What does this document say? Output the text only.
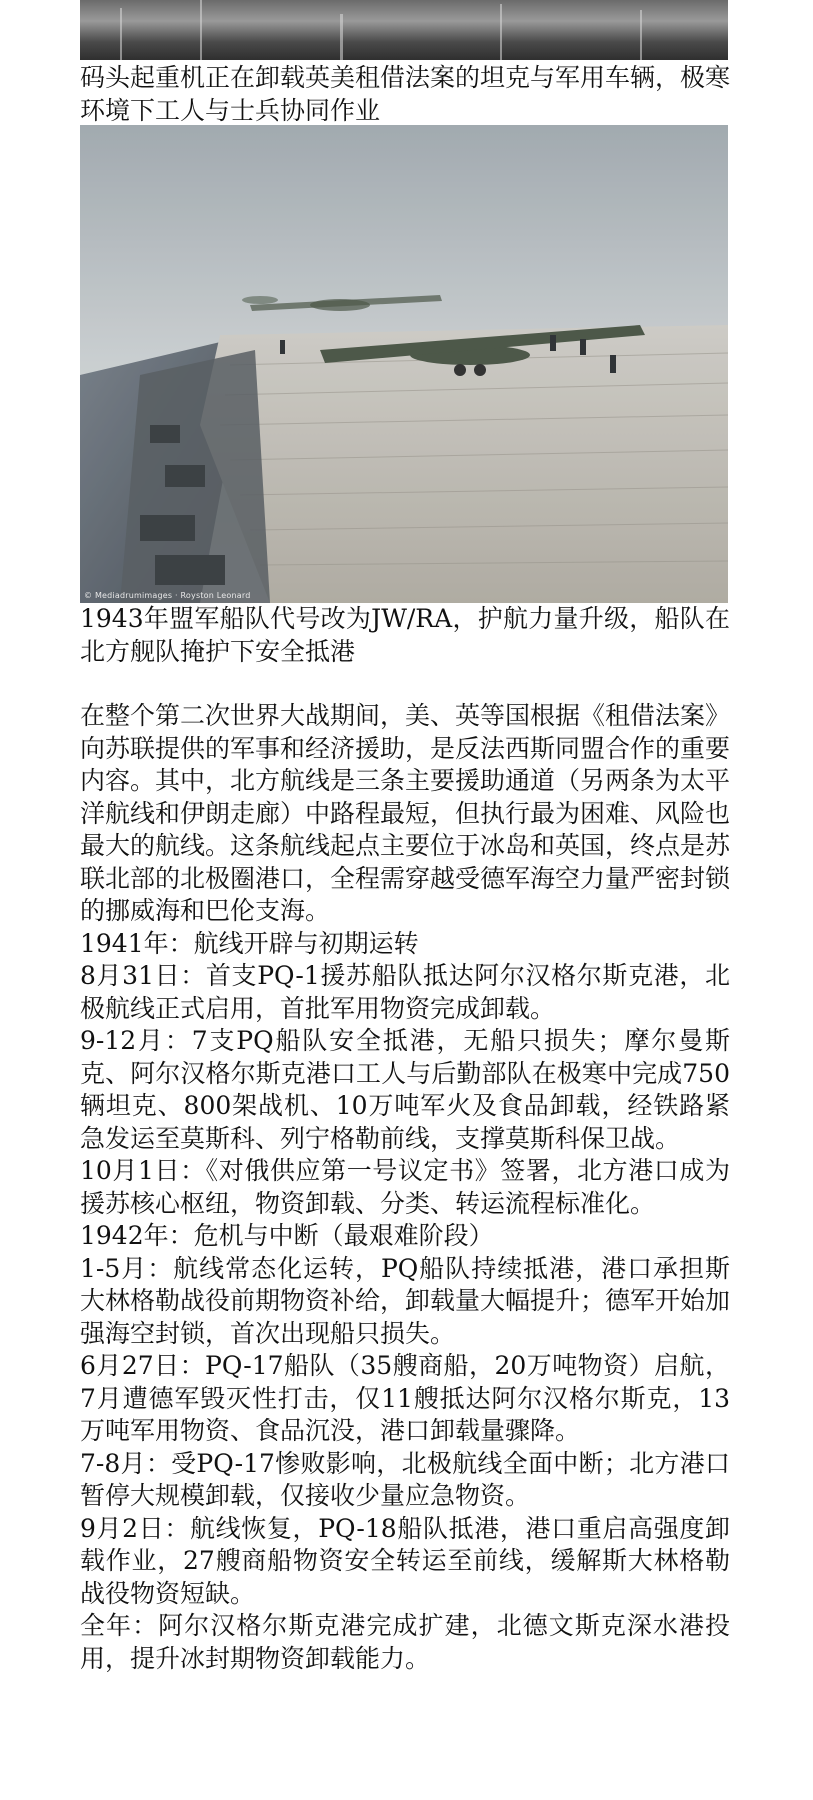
码头起重机正在卸载英美租借法案的坦克与军用车辆，极寒环境下工人与士兵协同作业

© Mediadrumimages · Royston Leonard

1943年盟军船队代号改为JW/RA，护航力量升级，船队在北方舰队掩护下安全抵港

在整个第二次世界大战期间，美、英等国根据《租借法案》向苏联提供的军事和经济援助，是反法西斯同盟合作的重要内容。其中，北方航线是三条主要援助通道（另两条为太平洋航线和伊朗走廊）中路程最短，但执行最为困难、风险也最大的航线。这条航线起点主要位于冰岛和英国，终点是苏联北部的北极圈港口，全程需穿越受德军海空力量严密封锁的挪威海和巴伦支海。

1941年：航线开辟与初期运转

8月31日：首支PQ-1援苏船队抵达阿尔汉格尔斯克港，北极航线正式启用，首批军用物资完成卸载。

9-12月：7支PQ船队安全抵港，无船只损失；摩尔曼斯克、阿尔汉格尔斯克港口工人与后勤部队在极寒中完成750辆坦克、800架战机、10万吨军火及食品卸载，经铁路紧急发运至莫斯科、列宁格勒前线，支撑莫斯科保卫战。

10月1日：《对俄供应第一号议定书》签署，北方港口成为援苏核心枢纽，物资卸载、分类、转运流程标准化。

1942年：危机与中断（最艰难阶段）

1-5月：航线常态化运转，PQ船队持续抵港，港口承担斯大林格勒战役前期物资补给，卸载量大幅提升；德军开始加强海空封锁，首次出现船只损失。

6月27日：PQ-17船队（35艘商船，20万吨物资）启航，7月遭德军毁灭性打击，仅11艘抵达阿尔汉格尔斯克，13万吨军用物资、食品沉没，港口卸载量骤降。

7-8月：受PQ-17惨败影响，北极航线全面中断；北方港口暂停大规模卸载，仅接收少量应急物资。

9月2日：航线恢复，PQ-18船队抵港，港口重启高强度卸载作业，27艘商船物资安全转运至前线，缓解斯大林格勒战役物资短缺。

全年：阿尔汉格尔斯克港完成扩建，北德文斯克深水港投用，提升冰封期物资卸载能力。
